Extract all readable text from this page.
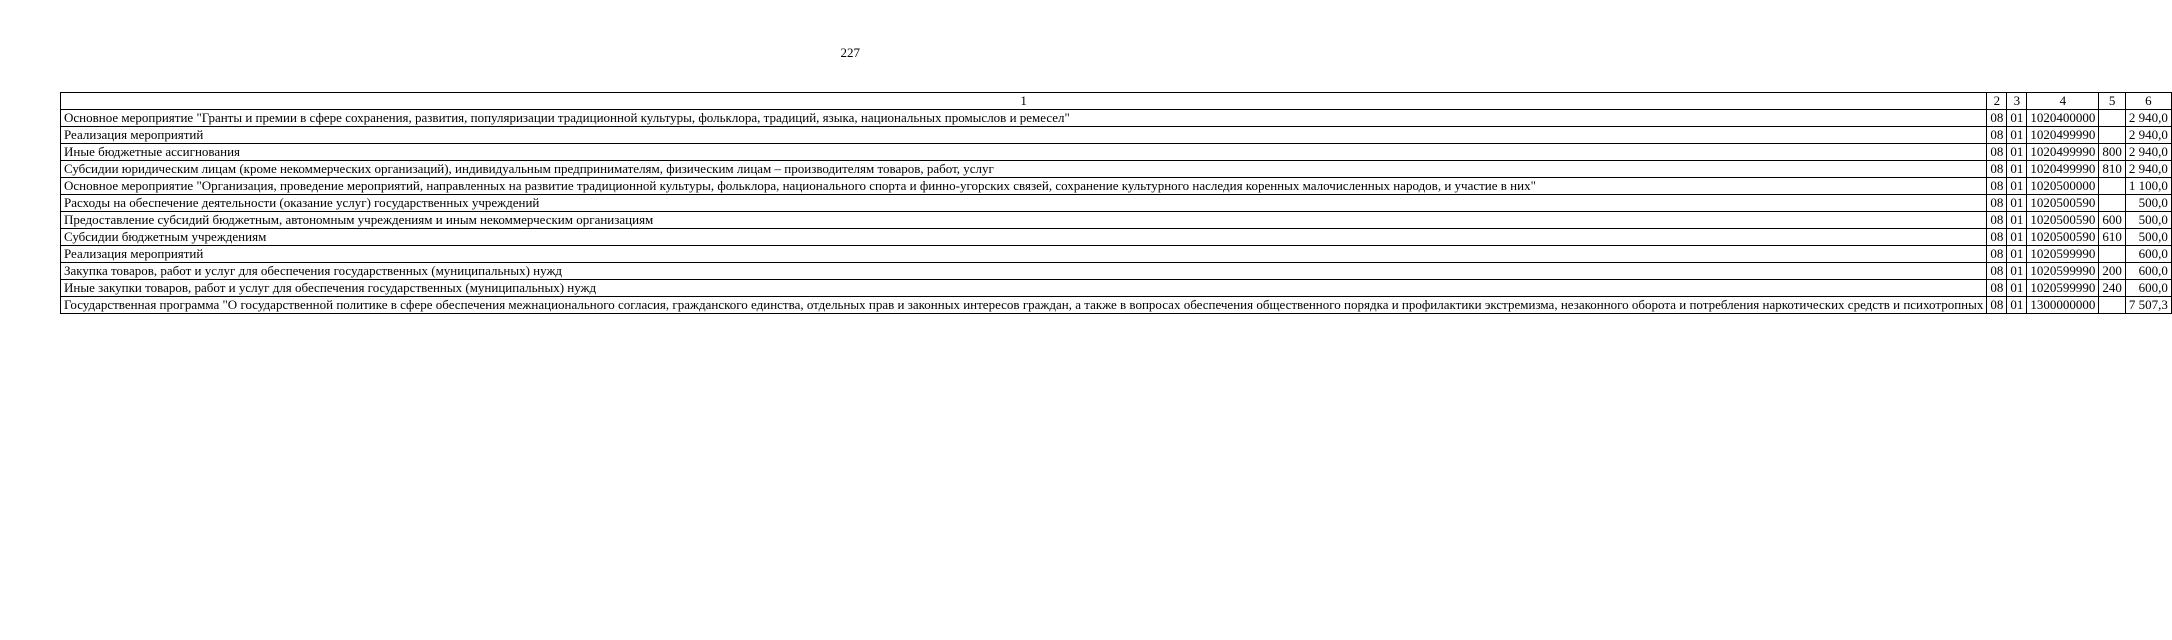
227
1	2	3	4	5	6
Основное мероприятие "Гранты и премии в сфере сохранения, развития, популяризации традиционной культуры, фольклора, традиций, языка, национальных промыслов и ремесел"	08	01	1020400000		2 940,0
Реализация мероприятий	08	01	1020499990		2 940,0
Иные бюджетные ассигнования	08	01	1020499990	800	2 940,0
Субсидии юридическим лицам (кроме некоммерческих организаций), индивидуальным предпринимателям, физическим лицам – производителям товаров, работ, услуг	08	01	1020499990	810	2 940,0
Основное мероприятие "Организация, проведение мероприятий, направленных на развитие традиционной культуры, фольклора, национального спорта и финно-угорских связей, сохранение культурного наследия коренных малочисленных народов, и участие в них"	08	01	1020500000		1 100,0
Расходы на обеспечение деятельности (оказание услуг) государственных учреждений	08	01	1020500590		500,0
Предоставление субсидий бюджетным, автономным учреждениям и иным некоммерческим организациям	08	01	1020500590	600	500,0
Субсидии бюджетным учреждениям	08	01	1020500590	610	500,0
Реализация мероприятий	08	01	1020599990		600,0
Закупка товаров, работ и услуг для обеспечения государственных (муниципальных) нужд	08	01	1020599990	200	600,0
Иные закупки товаров, работ и услуг для обеспечения государственных (муниципальных) нужд	08	01	1020599990	240	600,0
Государственная программа "О государственной политике в сфере обеспечения межнационального согласия, гражданского единства, отдельных прав и законных интересов граждан, а также в вопросах обеспечения общественного порядка и профилактики экстремизма, незаконного оборота и потребления наркотических средств и психотропных	08	01	1300000000		7 507,3
